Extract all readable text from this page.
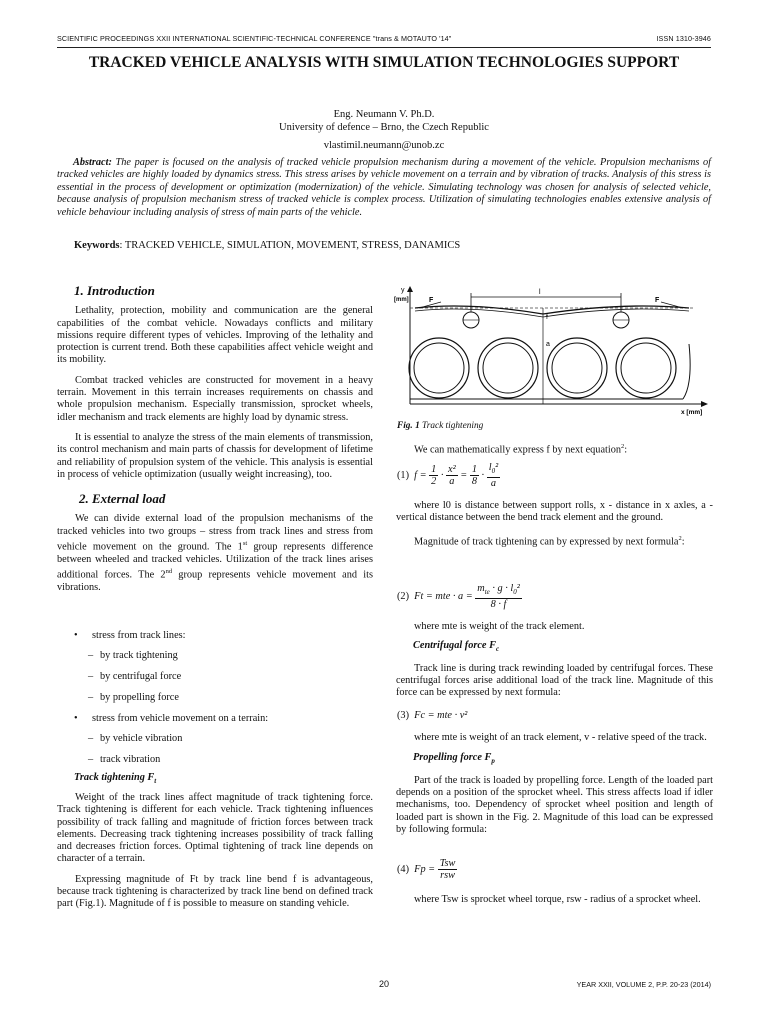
SCIENTIFIC PROCEEDINGS XXII INTERNATIONAL SCIENTIFIC-TECHNICAL CONFERENCE "trans & MOTAUTO '14"	ISSN 1310-3946
TRACKED VEHICLE ANALYSIS WITH SIMULATION TECHNOLOGIES SUPPORT
Eng. Neumann V. Ph.D.
University of defence – Brno, the Czech Republic
vlastimil.neumann@unob.zc
Abstract: The paper is focused on the analysis of tracked vehicle propulsion mechanism during a movement of the vehicle. Propulsion mechanisms of tracked vehicles are highly loaded by dynamics stress. This stress arises by vehicle movement on a terrain and by vibration of tracks. Analysis of this stress is essential in the process of development or optimization (modernization) of the vehicle. Simulating technology was chosen for analysis of selected vehicle, because analysis of propulsion mechanism stress of tracked vehicle is complex process. Utilization of simulating technologies enables extensive analysis of vehicle behaviour including analysis of stress of main parts of the vehicle.
Keywords: TRACKED VEHICLE, SIMULATION, MOVEMENT, STRESS, DANAMICS
1. Introduction

Lethality, protection, mobility and communication are the general capabilities of the combat vehicle. Nowadays conflicts and military missions require different types of vehicles. Improving of the lethality and protection is current trend. Both these capabilities affect vehicle weight and its mobility.

Combat tracked vehicles are constructed for movement in a heavy terrain. Movement in this terrain increases requirements on chassis and whole propulsion mechanism. Especially transmission, sprocket wheels, idler mechanism and track elements are highly load by dynamic stress.

It is essential to analyze the stress of the main elements of transmission, its control mechanism and main parts of chassis for development of lifetime and reliability of propulsion system of the vehicle. This analysis is essential in process of vehicle optimization (usually weight increasing), too.

2. External load

We can divide external load of the propulsion mechanisms of the tracked vehicles into two groups – stress from track lines and stress from vehicle movement on the ground. The 1st group represents difference between wheeled and tracked vehicles. Utilization of the track lines arises additional forces. The 2nd group represents vehicle movement and its vibrations.

• stress from track lines:
– by track tightening
– by centrifugal force
– by propelling force
• stress from vehicle movement on a terrain:
– by vehicle vibration
– track vibration
Track tightening $F_t$

Weight of the track lines affect magnitude of track tightening force. Track tightening is different for each vehicle. Track tightening influences possibility of track falling and magnitude of friction forces between track elements. Decreasing track tightening increases possibility of track falling and decreases friction forces. Optimal tightening of track line depends on character of a terrain.

Expressing magnitude of Ft by track line bend f is advantageous, because track tightening is characterized by track line bend on defined track part (Fig.1). Magnitude of f is possible to measure on standing vehicle.

y
[mm]	F	F
l
f
a
x [mm]
Fig. 1 Track tightening

We can mathematically express f by next equation$^2$:

(1) $f = \frac{1}{2} \cdot \frac{\text{x²}}{a} = \frac{1}{8} \cdot \frac{l_0^2}{a}$

where l0 is distance between support rolls, x - distance in x axles, a - vertical distance between the bend track element and the ground.

Magnitude of track tightening can by expressed by next formula$^2$:

(2) Ft = mte · $a = \frac{m_{te} \cdot g \cdot l_0^2}{8 \cdot f}$

where mte is weight of the track element.

Centrifugal force $F_c$

Track line is during track rewinding loaded by centrifugal forces. These centrifugal forces arise additional load of the track line. Magnitude of this force can be expressed by next formula:

(3) Fc = mte · v²

where mte is weight of an track element, v - relative speed of the track.

Propelling force $F_p$

Part of the track is loaded by propelling force. Length of the loaded part depends on a position of the sprocket wheel. This stress affects load if idler mechanisms, too. Dependency of sprocket wheel position and length of loaded part is shown in the Fig. 2. Magnitude of this load can be expressed by following formula:

(4) $Fp = \frac{\text{Tsw}}{\text{rsw}}$

where Tsw is sprocket wheel torque, rsw - radius of a sprocket wheel.

20	YEAR XXII, VOLUME 2, P.P. 20-23 (2014)
